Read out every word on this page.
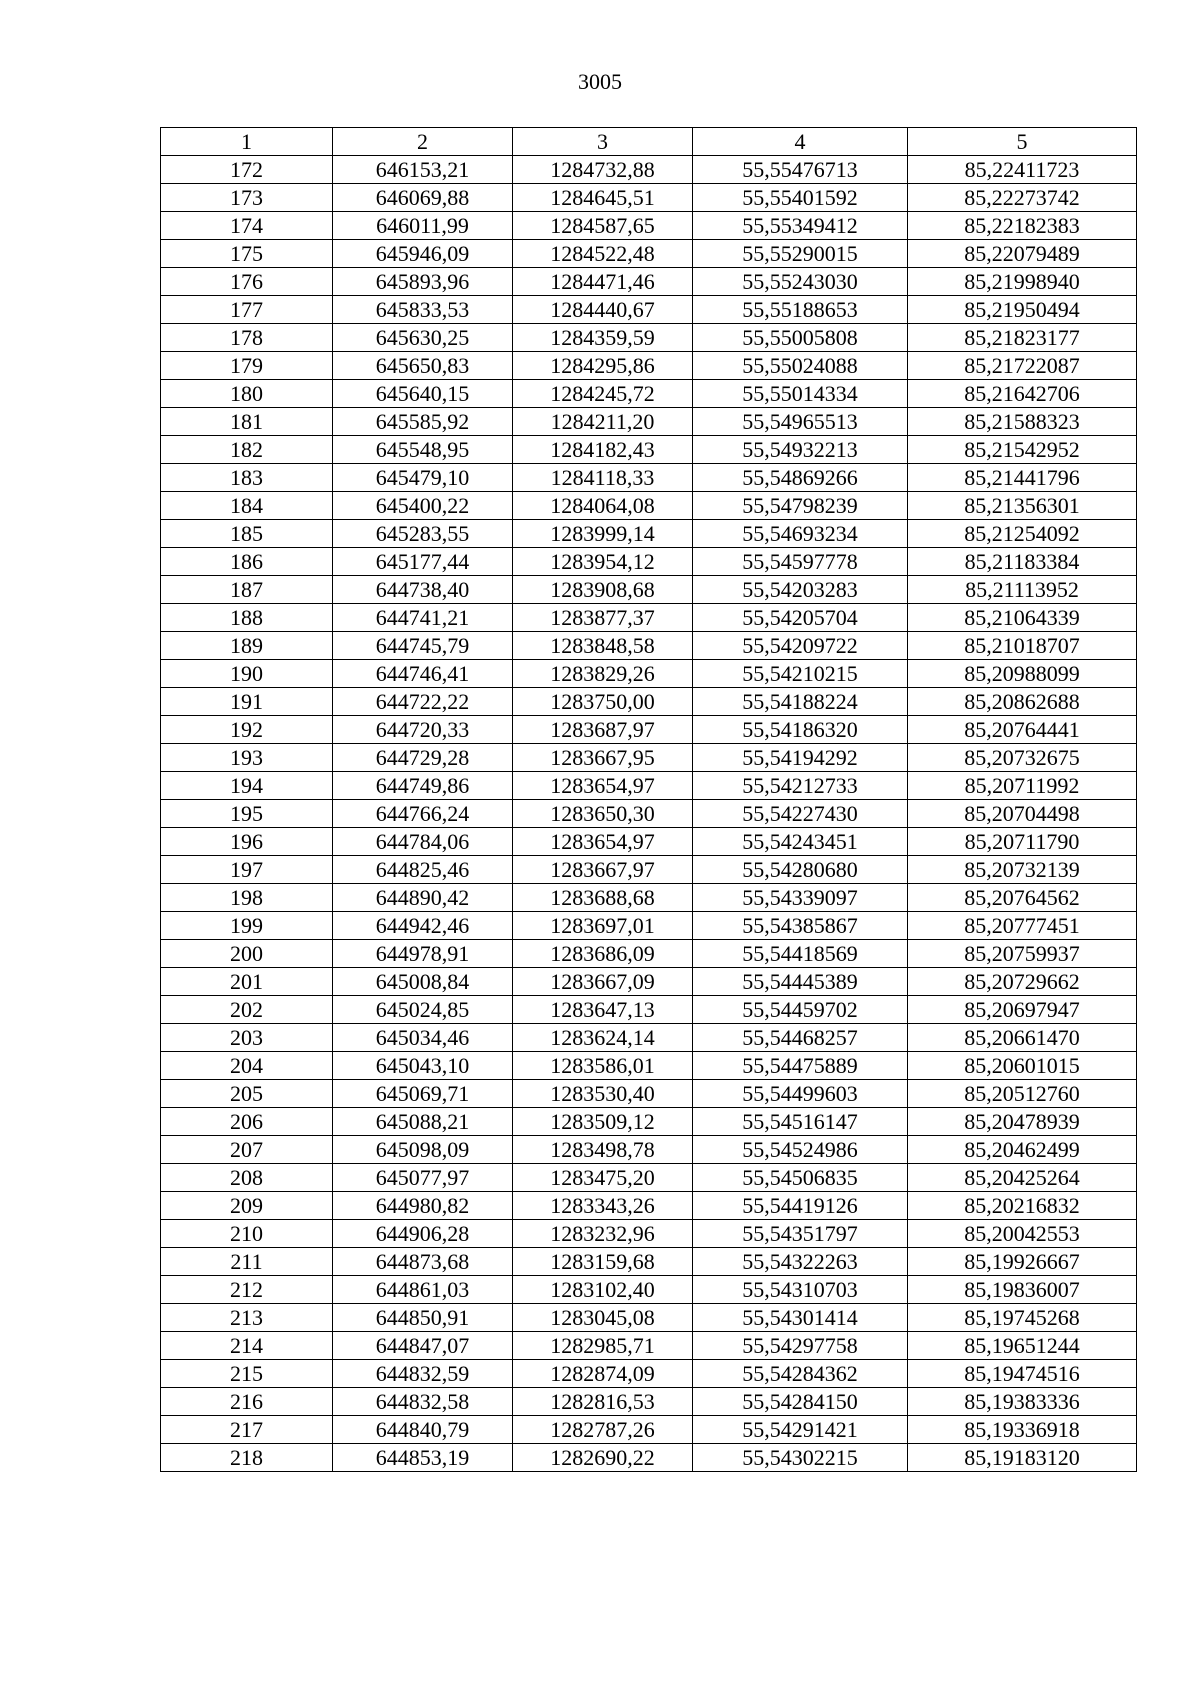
3005
1	2	3	4	5
172	646153,21	1284732,88	55,55476713	85,22411723
173	646069,88	1284645,51	55,55401592	85,22273742
174	646011,99	1284587,65	55,55349412	85,22182383
175	645946,09	1284522,48	55,55290015	85,22079489
176	645893,96	1284471,46	55,55243030	85,21998940
177	645833,53	1284440,67	55,55188653	85,21950494
178	645630,25	1284359,59	55,55005808	85,21823177
179	645650,83	1284295,86	55,55024088	85,21722087
180	645640,15	1284245,72	55,55014334	85,21642706
181	645585,92	1284211,20	55,54965513	85,21588323
182	645548,95	1284182,43	55,54932213	85,21542952
183	645479,10	1284118,33	55,54869266	85,21441796
184	645400,22	1284064,08	55,54798239	85,21356301
185	645283,55	1283999,14	55,54693234	85,21254092
186	645177,44	1283954,12	55,54597778	85,21183384
187	644738,40	1283908,68	55,54203283	85,21113952
188	644741,21	1283877,37	55,54205704	85,21064339
189	644745,79	1283848,58	55,54209722	85,21018707
190	644746,41	1283829,26	55,54210215	85,20988099
191	644722,22	1283750,00	55,54188224	85,20862688
192	644720,33	1283687,97	55,54186320	85,20764441
193	644729,28	1283667,95	55,54194292	85,20732675
194	644749,86	1283654,97	55,54212733	85,20711992
195	644766,24	1283650,30	55,54227430	85,20704498
196	644784,06	1283654,97	55,54243451	85,20711790
197	644825,46	1283667,97	55,54280680	85,20732139
198	644890,42	1283688,68	55,54339097	85,20764562
199	644942,46	1283697,01	55,54385867	85,20777451
200	644978,91	1283686,09	55,54418569	85,20759937
201	645008,84	1283667,09	55,54445389	85,20729662
202	645024,85	1283647,13	55,54459702	85,20697947
203	645034,46	1283624,14	55,54468257	85,20661470
204	645043,10	1283586,01	55,54475889	85,20601015
205	645069,71	1283530,40	55,54499603	85,20512760
206	645088,21	1283509,12	55,54516147	85,20478939
207	645098,09	1283498,78	55,54524986	85,20462499
208	645077,97	1283475,20	55,54506835	85,20425264
209	644980,82	1283343,26	55,54419126	85,20216832
210	644906,28	1283232,96	55,54351797	85,20042553
211	644873,68	1283159,68	55,54322263	85,19926667
212	644861,03	1283102,40	55,54310703	85,19836007
213	644850,91	1283045,08	55,54301414	85,19745268
214	644847,07	1282985,71	55,54297758	85,19651244
215	644832,59	1282874,09	55,54284362	85,19474516
216	644832,58	1282816,53	55,54284150	85,19383336
217	644840,79	1282787,26	55,54291421	85,19336918
218	644853,19	1282690,22	55,54302215	85,19183120
